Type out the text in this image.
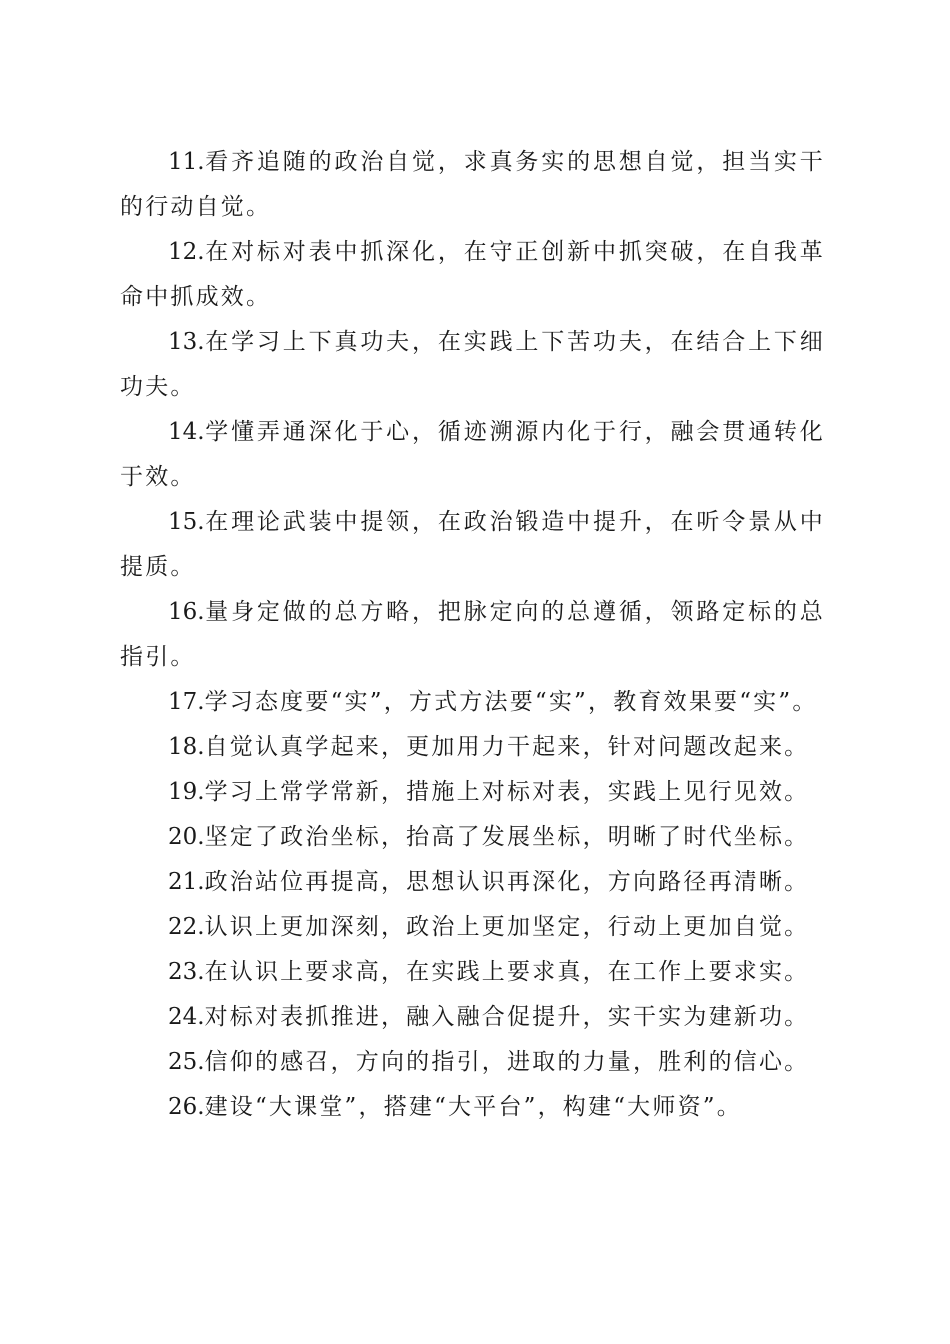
11.看齐追随的政治自觉，求真务实的思想自觉，担当实干的行动自觉。

12.在对标对表中抓深化，在守正创新中抓突破，在自我革命中抓成效。

13.在学习上下真功夫，在实践上下苦功夫，在结合上下细功夫。

14.学懂弄通深化于心，循迹溯源内化于行，融会贯通转化于效。

15.在理论武装中提领，在政治锻造中提升，在听令景从中提质。

16.量身定做的总方略，把脉定向的总遵循，领路定标的总指引。

17.学习态度要“实”，方式方法要“实”，教育效果要“实”。

18.自觉认真学起来，更加用力干起来，针对问题改起来。

19.学习上常学常新，措施上对标对表，实践上见行见效。

20.坚定了政治坐标，抬高了发展坐标，明晰了时代坐标。

21.政治站位再提高，思想认识再深化，方向路径再清晰。

22.认识上更加深刻，政治上更加坚定，行动上更加自觉。

23.在认识上要求高，在实践上要求真，在工作上要求实。

24.对标对表抓推进，融入融合促提升，实干实为建新功。

25.信仰的感召，方向的指引，进取的力量，胜利的信心。

26.建设“大课堂”，搭建“大平台”，构建“大师资”。
